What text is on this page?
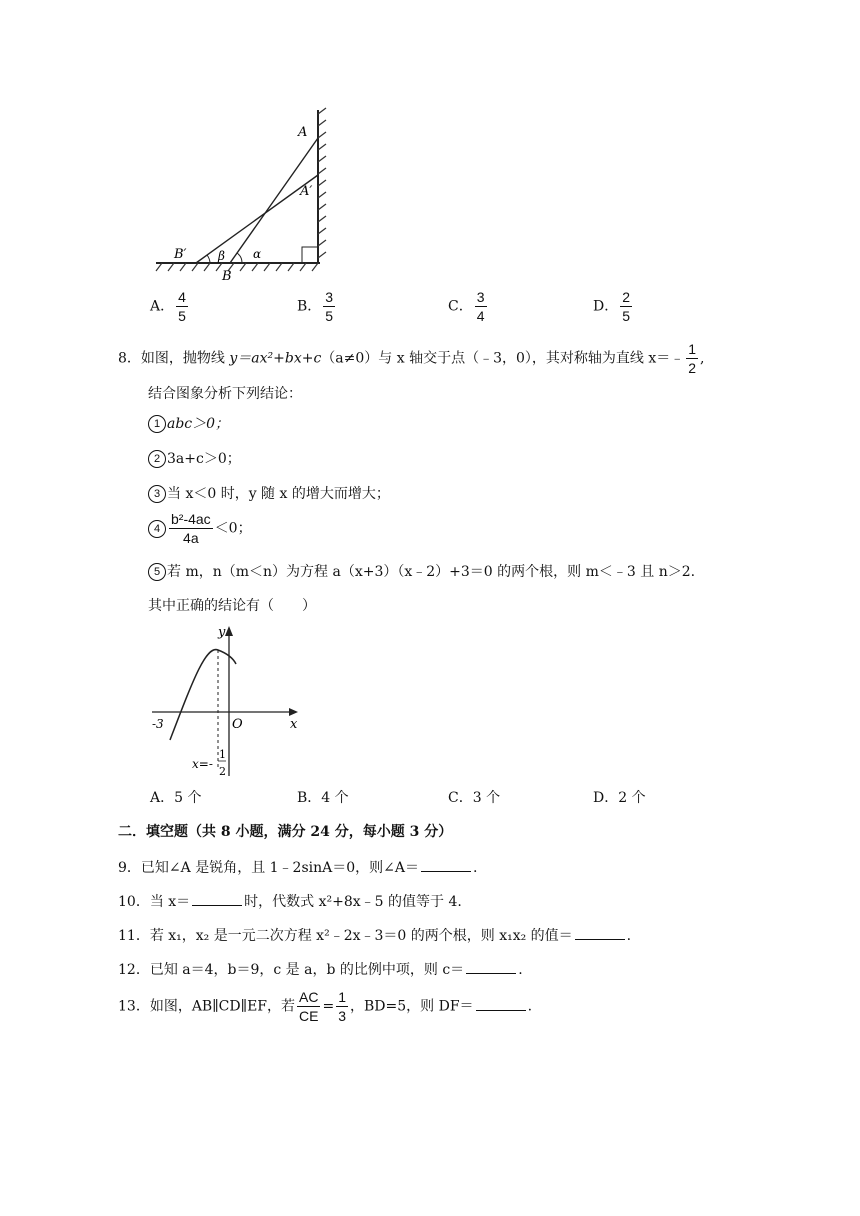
A
A′
B′
B
β α
A． $\frac{4}{5}$	B． $\frac{3}{5}$	C． $\frac{3}{4}$	D． $\frac{2}{5}$
8．如图，抛物线 y＝ax²+bx+c（a≠0）与 x 轴交于点（﹣3，0），其对称轴为直线 x＝﹣ $\frac{1}{2}$ ,
结合图象分析下列结论：
1 abc＞0；
2 3a+c＞0；
3 当 x＜0 时，y 随 x 的增大而增大；
$4 \frac{\text{b²-4ac}}{4a} <0$；
5 若 m，n（m＜n）为方程 a（x+3）（x﹣2）+3＝0 的两个根，则 m＜﹣3 且 n＞2.
其中正确的结论有（　　）
y
x
O
-3
x=-
1
2
A．5 个	B．4 个	C．3 个	D．2 个
二．填空题（共 8 小题，满分 24 分，每小题 3 分）
9．已知∠A 是锐角，且 1﹣2sinA＝0，则∠A＝	.
10．当 x＝	时，代数式 x²+8x﹣5 的值等于 4.
11．若 x₁，x₂ 是一元二次方程 x²﹣2x﹣3＝0 的两个根，则 x₁x₂ 的值＝	.
12．已知 a＝4，b＝9，c 是 a，b 的比例中项，则 c＝	.
13．如图，AB∥CD∥EF，若 $\frac{AC}{CE} = \frac{1}{3}$ ，BD=5，则 DF＝	.
